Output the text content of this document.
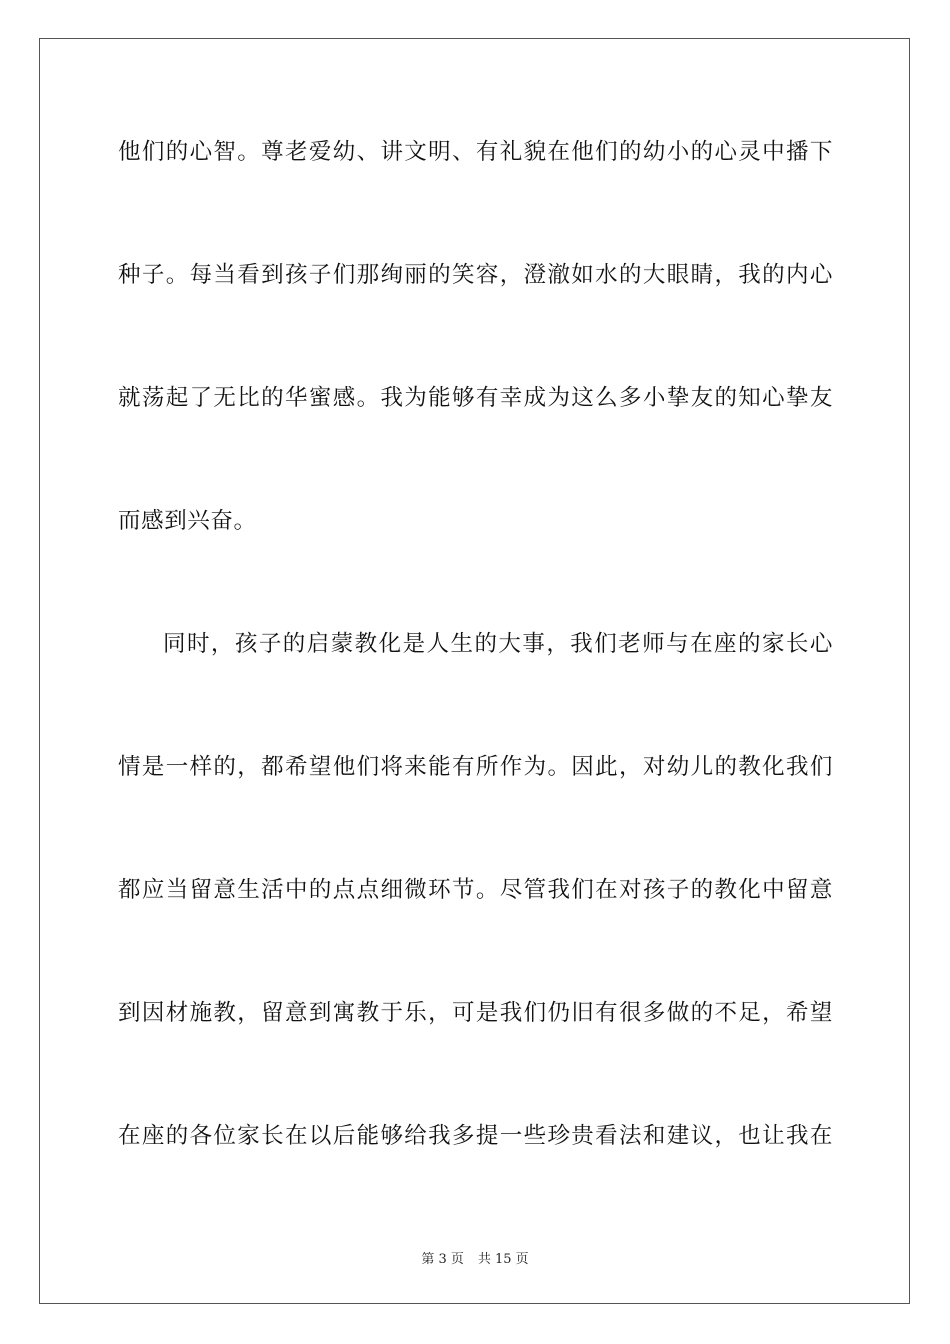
他们的心智。尊老爱幼、讲文明、有礼貌在他们的幼小的心灵中播下
种子。每当看到孩子们那绚丽的笑容，澄澈如水的大眼睛，我的内心
就荡起了无比的华蜜感。我为能够有幸成为这么多小挚友的知心挚友
而感到兴奋。
同时，孩子的启蒙教化是人生的大事，我们老师与在座的家长心
情是一样的，都希望他们将来能有所作为。因此，对幼儿的教化我们
都应当留意生活中的点点细微环节。尽管我们在对孩子的教化中留意
到因材施教，留意到寓教于乐，可是我们仍旧有很多做的不足，希望
在座的各位家长在以后能够给我多提一些珍贵看法和建议，也让我在
第 3 页 共 15 页
